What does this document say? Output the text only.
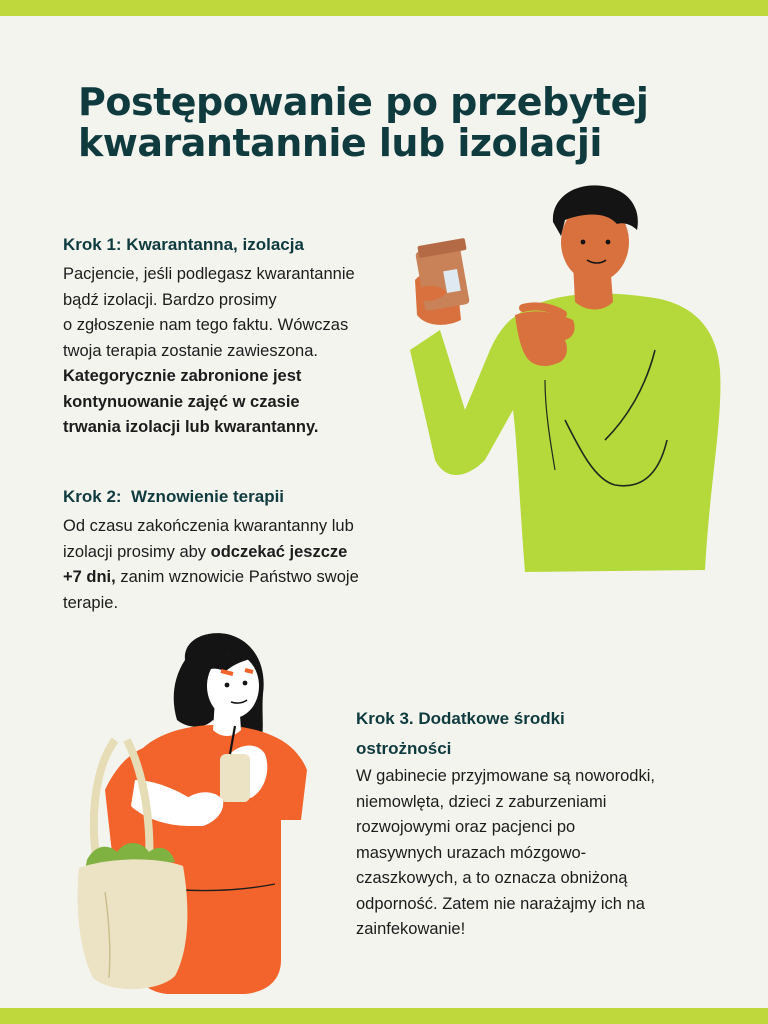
Postępowanie po przebytej
kwarantannie lub izolacji
Krok 1: Kwarantanna, izolacja

Pacjencie, jeśli podlegasz kwarantannie
bądź izolacji. Bardzo prosimy
o zgłoszenie nam tego faktu. Wówczas
twoja terapia zostanie zawieszona.
Kategorycznie zabronione jest
kontynuowanie zajęć w czasie
trwania izolacji lub kwarantanny.

Krok 2:  Wznowienie terapii

Od czasu zakończenia kwarantanny lub
izolacji prosimy aby odczekać jeszcze
+7 dni, zanim wznowicie Państwo swoje
terapie.

Krok 3. Dodatkowe środki
ostrożności

W gabinecie przyjmowane są noworodki,
niemowlęta, dzieci z zaburzeniami
rozwojowymi oraz pacjenci po
masywnych urazach mózgowo-
czaszkowych, a to oznacza obniżoną
odporność. Zatem nie narażajmy ich na
zainfekowanie!
